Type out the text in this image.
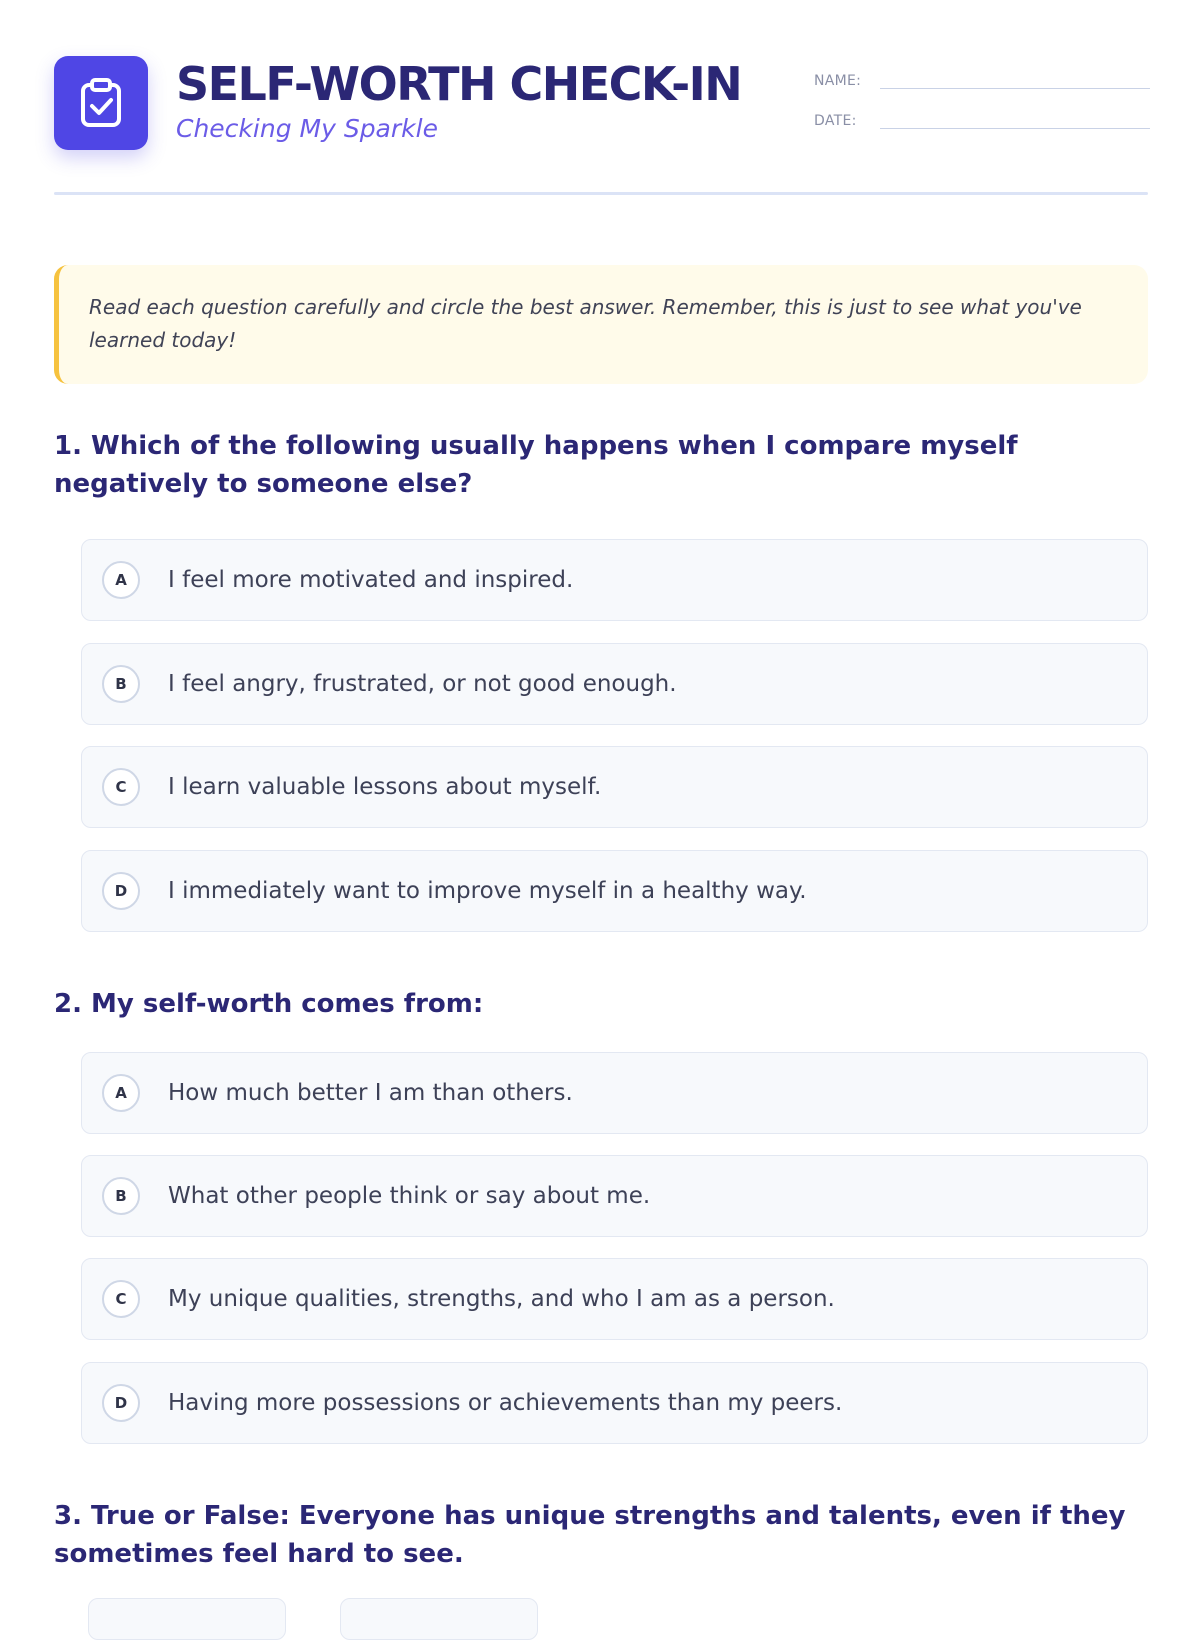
SELF-WORTH CHECK-IN
Checking My Sparkle
NAME:
DATE:
Read each question carefully and circle the best answer. Remember, this is just to see what you've learned today!
1. Which of the following usually happens when I compare myself negatively to someone else?
A	I feel more motivated and inspired.
B	I feel angry, frustrated, or not good enough.
C	I learn valuable lessons about myself.
D	I immediately want to improve myself in a healthy way.
2. My self-worth comes from:
A	How much better I am than others.
B	What other people think or say about me.
C	My unique qualities, strengths, and who I am as a person.
D	Having more possessions or achievements than my peers.
3. True or False: Everyone has unique strengths and talents, even if they sometimes feel hard to see.
